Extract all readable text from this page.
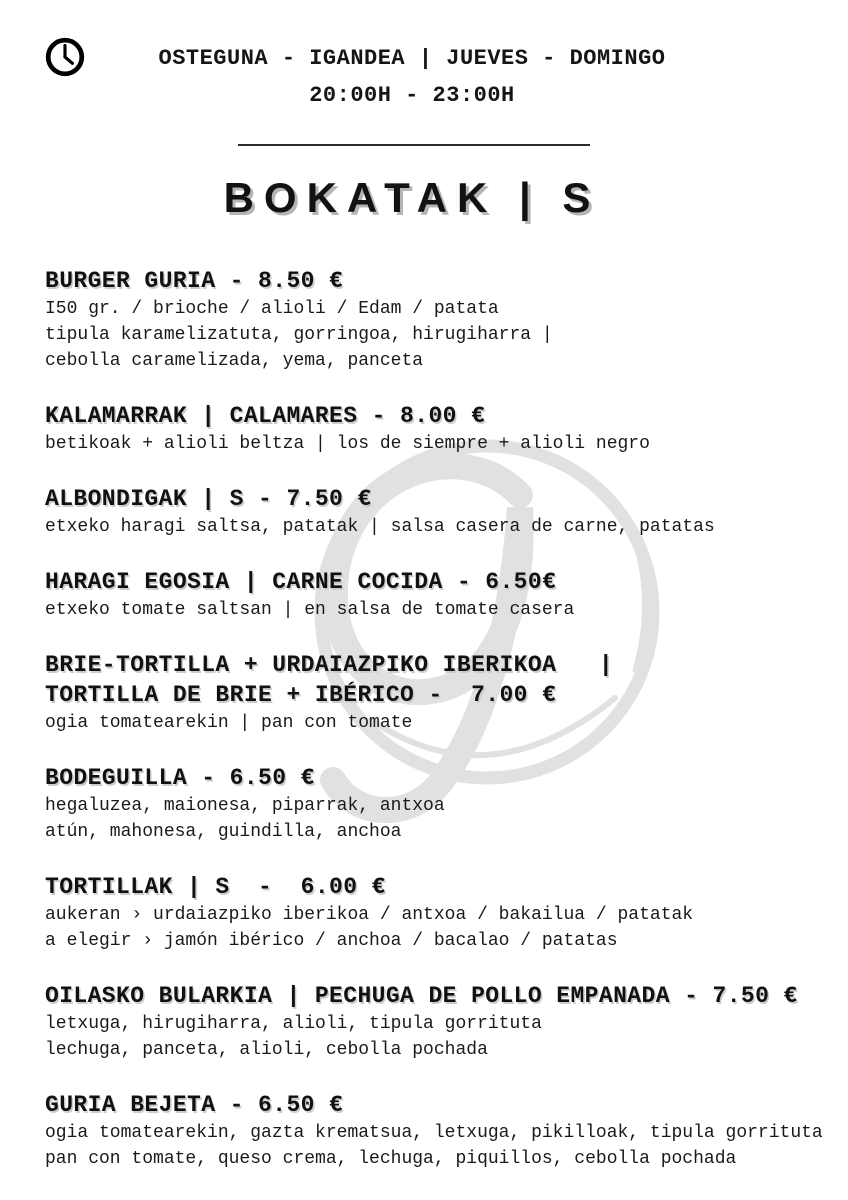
OSTEGUNA - IGANDEA | JUEVES - DOMINGO
20:00H - 23:00H
BOKATAK | S
BURGER GURIA - 8.50 €
I50 gr. / brioche / alioli / Edam / patata
tipula karamelizatuta, gorringoa, hirugiharra |
cebolla caramelizada, yema, panceta
KALAMARRAK | CALAMARES - 8.00 €
betikoak + alioli beltza | los de siempre + alioli negro
ALBONDIGAK | S - 7.50 €
etxeko haragi saltsa, patatak | salsa casera de carne, patatas
HARAGI EGOSIA | CARNE COCIDA - 6.50€
etxeko tomate saltsan | en salsa de tomate casera
BRIE-TORTILLA + URDAIAZPIKO IBERIKOA   |
TORTILLA DE BRIE + IBÉRICO -  7.00 €
ogia tomatearekin | pan con tomate
BODEGUILLA - 6.50 €
hegaluzea, maionesa, piparrak, antxoa
atún, mahonesa, guindilla, anchoa
TORTILLAK | S  -  6.00 €
aukeran › urdaiazpiko iberikoa / antxoa / bakailua / patatak
a elegir › jamón ibérico / anchoa / bacalao / patatas
OILASKO BULARKIA | PECHUGA DE POLLO EMPANADA - 7.50 €
letxuga, hirugiharra, alioli, tipula gorrituta
lechuga, panceta, alioli, cebolla pochada
GURIA BEJETA - 6.50 €
ogia tomatearekin, gazta krematsua, letxuga, pikilloak, tipula gorrituta
pan con tomate, queso crema, lechuga, piquillos, cebolla pochada
